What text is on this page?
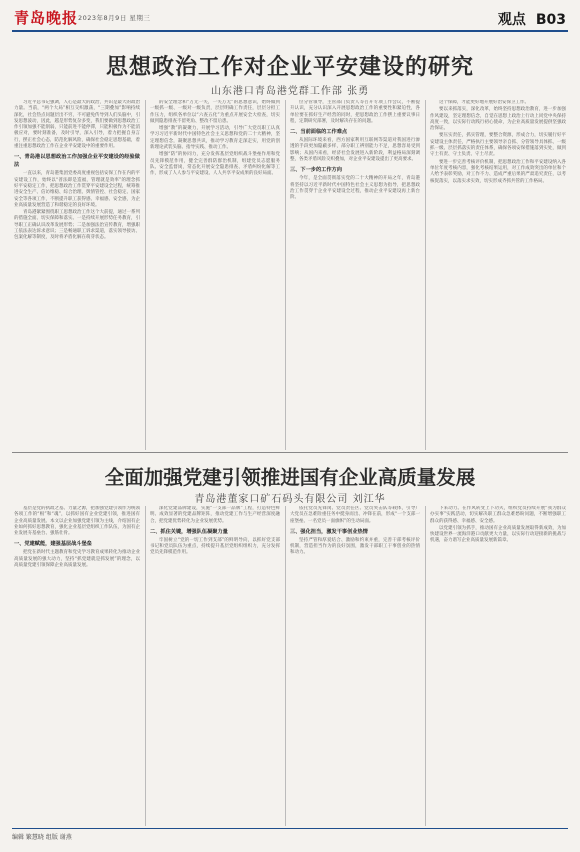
青岛晚报 2023年8月9日 星期三	观点 B03
思想政治工作对企业平安建设的研究
山东港口青岛港党群工作部 张勇

习近平总书记强调，人心是最大的政治，共识是最大的政治力量。当前，“两个大局”相互交织激荡，“三期叠加”影响持续深化，社会热点问题层出不穷，不可避免传导到人们头脑中，引发思想波动，因此，越是形势复杂多变，我们要做到思想政治工作引领加强不能削弱，只能前进不能停滞，只能积极作为不能消极应对，要时刻准备，及时引导，深入引导，着力把握自身言行，摆正社会心态，防范化解风险，确保社会稳定思想基础，着重注重思想政治工作在企业平安建设中的重要作用。

一、青岛港以思想政治工作加强企业平安建设的经验做法

一直以来，青岛港集团党委高度重视包括安保工作在内的平安建设工作，始终以“普法即是造福，管理就是效率”的理念抓好平安稳定工作，把思想政治工作贯穿平安建设全过程，统筹推进安全生产、信访维稳、综合治理、舆情管控、社会稳定、国家安全等各项工作，不断提升职工获得感、幸福感、安全感，为企业高质量发展营造了和谐稳定的良好环境。

青岛港紧紧围绕职工思想政治工作这个大前提，通过一系列的措施全面、切实保障和落实。一是持续开展形势任务教育，引导职工正确认识改革发展形势；二是加强法治宣传教育，增强职工依法表达诉求意识；三是畅通职工诉求渠道，落实领导接访、包案化解等制度，及时将矛盾化解在萌芽状态。

的安全理念和“万无一失，一失万无”的思想意识，始终做到一级抓一级、一级对一级负责，层层明确工作责任，层层分担工作压力，组织各单位以“六查五化”为重点开展安全大检查，切实做到隐患排查不留死角、整改不留后患。

增强“教”的凝聚力，开展学习活动，引导广大党员职工认真学习习近平新时代中国特色社会主义思想和党的二十大精神，坚定理想信念，凝聚思想共识，推动学习教育走深走实，用党的创新理论武装头脑、指导实践、推动工作。

增强“防”的协同力，充分发挥基层党组织战斗堡垒作用和党员先锋模范作用，健全完善群防群治机制，组建党员志愿服务队、安全监督岗，常态化开展安全隐患排查、矛盾纠纷化解等工作，形成了人人参与平安建设、人人共享平安成果的良好局面。

位分管领导，主管部门负责人等召开专项工作会议，不断提升认识，充分认识深入开展思想政治工作的重要性和紧迫性，各单位要在抓好生产经营的同时，把思想政治工作摆上重要议事日程，定期研究部署，及时解决存在的问题。

二、当前面临的工作难点

从国际环境来看，西方国家利用互联网等渠道对我国进行渗透的手段更加隐蔽多样，部分职工辨别能力不足，思想容易受到影响；从国内来看，经济社会发展进入新阶段，利益格局深刻调整，各类矛盾风险交织叠加，对企业平安建设提出了更高要求。

三、下一步的工作方向

今年，是全面贯彻落实党的二十大精神的开局之年，青岛港将坚持以习近平新时代中国特色社会主义思想为指导，把思想政治工作贯穿于企业平安建设全过程，推动企业平安建设再上新台阶。

这个保障，才能更好地开展好治安保卫工作。

要以来抓落实，深化改革，始终坚持思想政治教育，进一步加强作风建设，坚定理想信念，自觉在思想上政治上行动上同党中央保持高度一致，以实际行动践行初心使命，为企业高质量发展提供坚强政治保证。

要压实责任，抓实管理，要整合资源，形成合力，切实履行好平安建设主体责任，严格执行主要领导亲自抓、分管领导具体抓、一级抓一级、层层抓落实的责任体系，确保各项安保措施落到实处，做到守土有责、守土负责、守土尽责。

要进一步完善考核评价机制，把思想政治工作和平安建设纳入各单位年度考核内容，强化考核结果运用，对工作成效突出的单位和个人给予表彰奖励，对工作不力、造成严重后果的严肃追究责任，以考核促落实，以落实求实效，切实形成齐抓共管的工作格局。

全面加强党建引领推进国有企业高质量发展
青岛港董家口矿石码头有限公司 刘江华

基层是党的执政之基、力量之源，把加强党建引领作为统领各项工作的“根”和“魂”，以抓好国有企业党建引领，推进国有企业高质量发展。本文以企业加强党建引领为主线，介绍国有企业如何抓好思想教育，强化企业基层党组织工作队伍，为国有企业发展夯基垒台、强筋壮骨。

一、党建赋能，建强基层战斗堡垒

把党在新时代主题教育和党史学习教育成果转化为推动企业高质量发展的强大动力，坚持“抓党建就是抓发展”的理念，以高质量党建引领保障企业高质量发展。

深化党建品牌建设，实施“一支部一品牌”工程，打造特色鲜明、成效显著的党建品牌矩阵，推动党建工作与生产经营深度融合，把党建优势转化为企业发展优势。

二、抓住关键，增强队伍凝聚力量

牢固树立“党的一切工作到支部”的鲜明导向，以抓好党支部书记和党员队伍为重点，持续提升基层党组织组织力，充分发挥党员先锋模范作用。

依托党员先锋岗、党员责任区、党员突击队等载体，引导广大党员在急难险重任务中挺身而出、冲锋在前，形成“一个支部一座堡垒、一名党员一面旗帜”的生动局面。

三、强化担当，激发干事创业热情

坚持严管和厚爱结合、激励和约束并重，完善干部考核评价机制，营造担当作为的良好氛围，激发干部职工干事创业的热情和动力。

下来动力。在作风转变上下功夫，组织党员持续开展“我为群众办实事”实践活动，切实解决职工群众急难愁盼问题，不断增强职工群众的获得感、幸福感、安全感。

以党建引领为抓手，推动国有企业高质量发展取得新成效，为加快建设世界一流海洋港口贡献更大力量，以实际行动迎接新的挑战与机遇，奋力谱写企业高质量发展新篇章。

编辑 繁慧晓 组版 谢燕
